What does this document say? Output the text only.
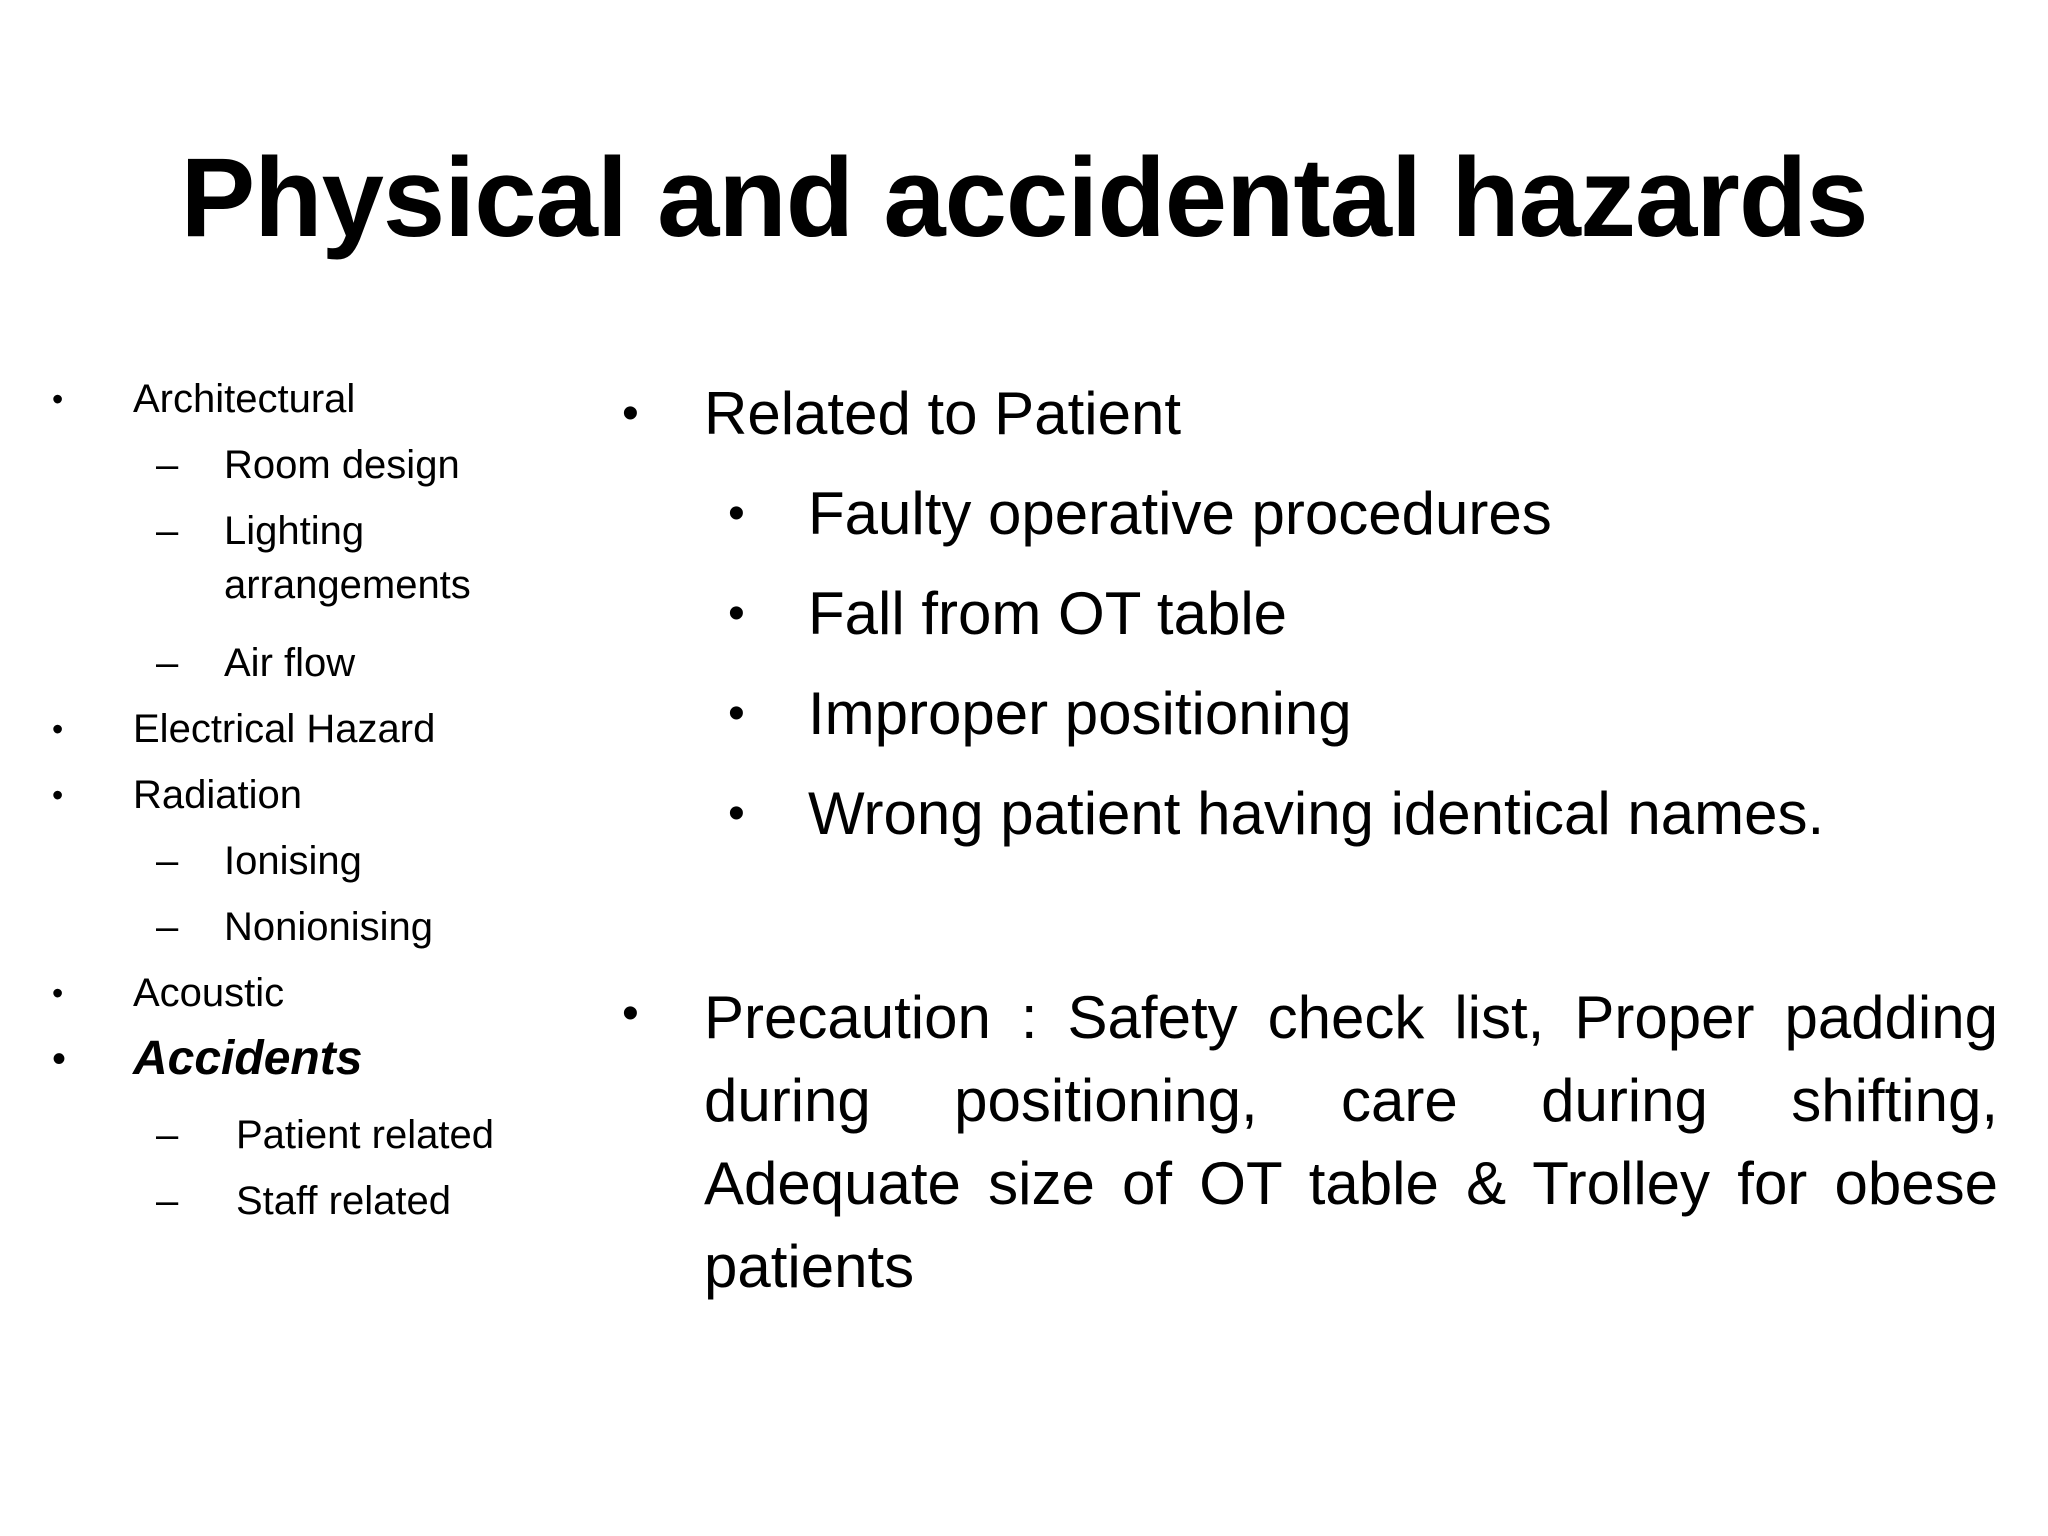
Physical and accidental hazards
• Architectural
– Room design
– Lighting arrangements
– Air flow
• Electrical Hazard
• Radiation
– Ionising
– Nonionising
• Acoustic
• Accidents
– Patient related
– Staff related
• Related to Patient
• Faulty operative procedures
• Fall from OT table
• Improper positioning
• Wrong patient having identical names.
• Precaution : Safety check list, Proper padding during positioning, care during shifting, Adequate size of OT table & Trolley for obese patients
